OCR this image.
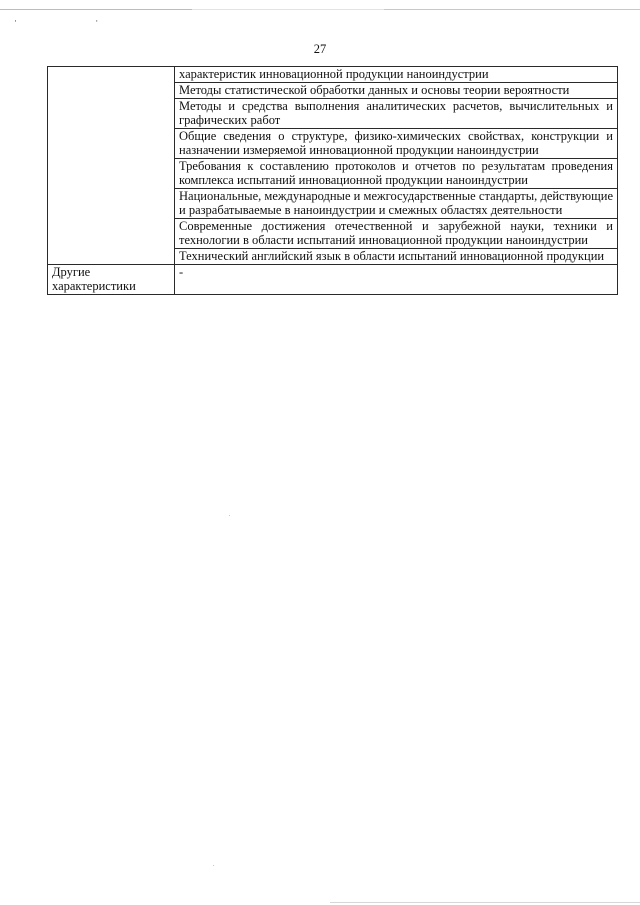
· ·
27
	характеристик инновационной продукции наноиндустрии
	Методы статистической обработки данных и основы теории вероятности
	Методы и средства выполнения аналитических расчетов, вычислительных и графических работ
	Общие сведения о структуре, физико-химических свойствах, конструкции и назначении измеряемой инновационной продукции наноиндустрии
	Требования к составлению протоколов и отчетов по результатам проведения комплекса испытаний инновационной продукции наноиндустрии
	Национальные, международные и межгосударственные стандарты, действующие и разрабатываемые в наноиндустрии и смежных областях деятельности
	Современные достижения отечественной и зарубежной науки, техники и технологии в области испытаний инновационной продукции наноиндустрии
	Технический английский язык в области испытаний инновационной продукции
Другие характеристики	-
